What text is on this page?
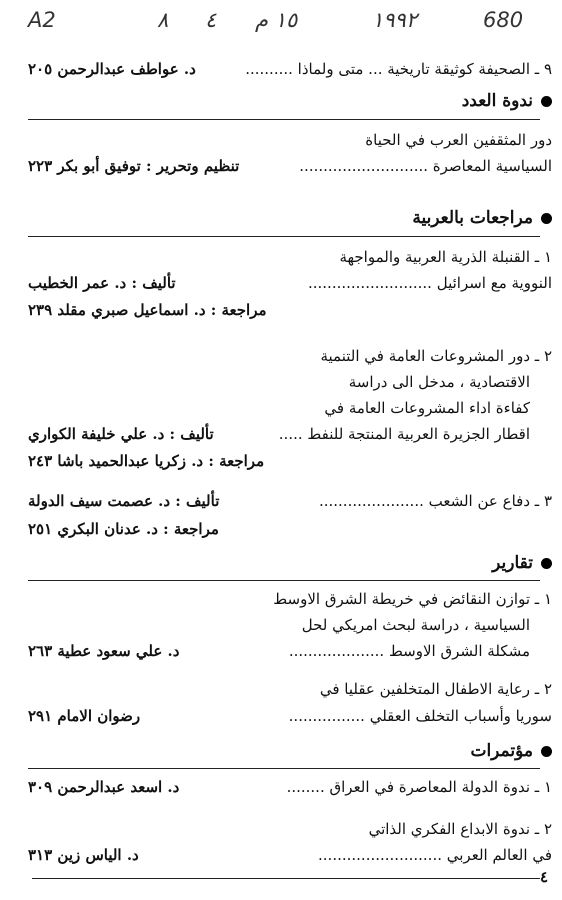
A2	٨ ٤ ١٥ م	١٩٩٢	680
٩ ـ الصحيفة كوثيقة تاريخية ... متى ولماذا ..........
د. عواطف عبدالرحمن ٢٠٥
ندوة العدد
دور المثقفين العرب في الحياة
السياسية المعاصرة ...........................
تنظيم وتحرير : توفيق أبو بكر ٢٢٣
مراجعات بالعربية
١ ـ القنبلة الذرية العربية والمواجهة
النووية مع اسرائيل ..........................
تأليف : د. عمر الخطيب
مراجعة : د. اسماعيل صبري مقلد ٢٣٩
٢ ـ دور المشروعات العامة في التنمية
الاقتصادية ، مدخل الى دراسة
كفاءة اداء المشروعات العامة في
اقطار الجزيرة العربية المنتجة للنفط .....
تأليف : د. علي خليفة الكواري
مراجعة : د. زكريا عبدالحميد باشا ٢٤٣
٣ ـ دفاع عن الشعب ......................
تأليف : د. عصمت سيف الدولة
مراجعة : د. عدنان البكري ٢٥١
تقارير
١ ـ توازن النقائض في خريطة الشرق الاوسط
السياسية ، دراسة لبحث امريكي لحل
مشكلة الشرق الاوسط ....................
د. علي سعود عطية ٢٦٣
٢ ـ رعاية الاطفال المتخلفين عقليا في
سوريا وأسباب التخلف العقلي ................
رضوان الامام ٢٩١
مؤتمرات
١ ـ ندوة الدولة المعاصرة في العراق ........
د. اسعد عبدالرحمن ٣٠٩
٢ ـ ندوة الابداع الفكري الذاتي
في العالم العربي ..........................
د. الياس زين ٣١٣
٤
